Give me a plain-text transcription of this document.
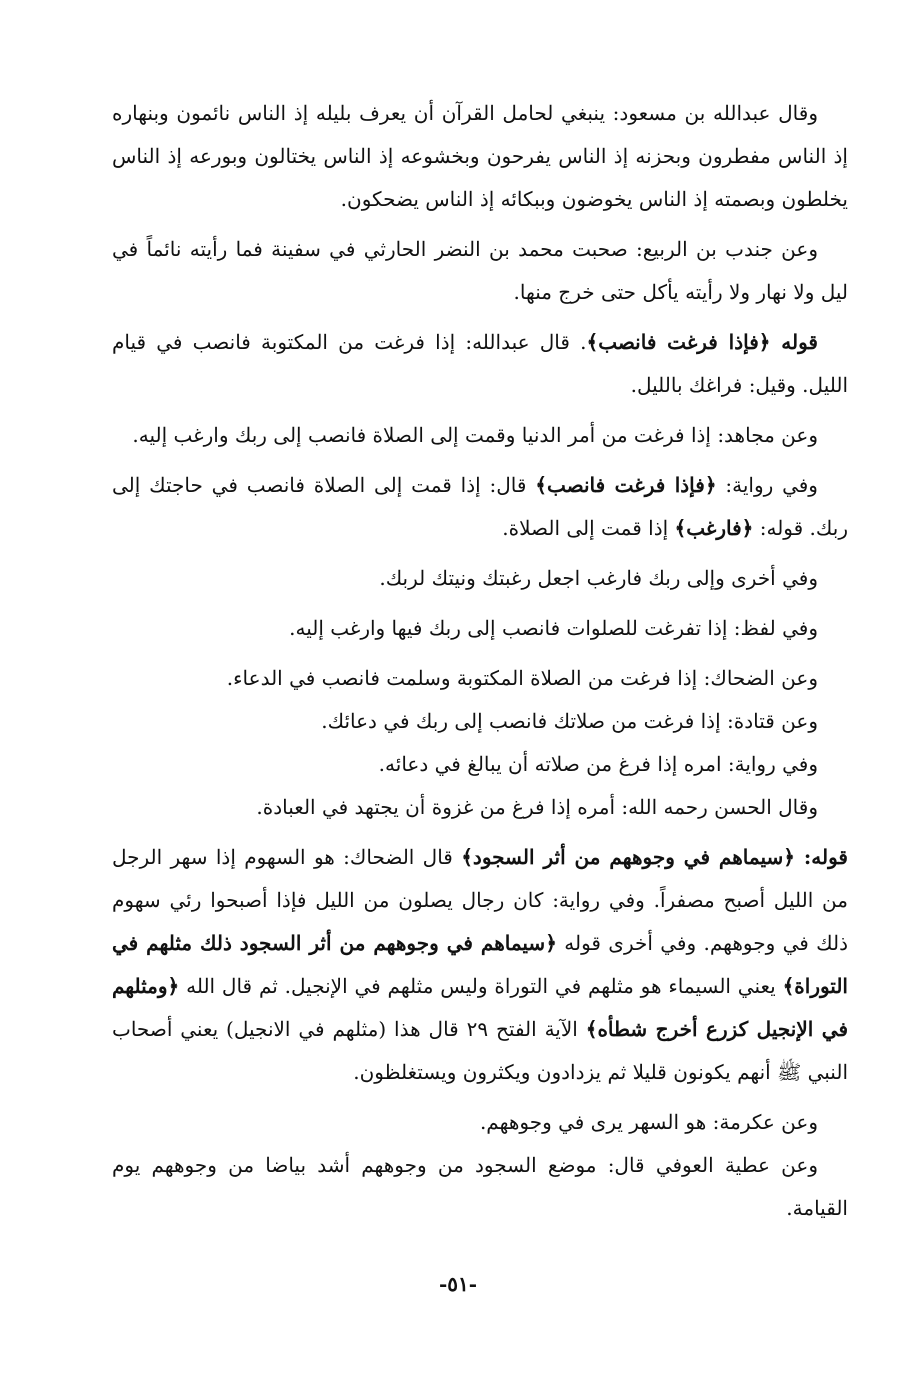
وقال عبدالله بن مسعود: ينبغي لحامل القرآن أن يعرف بليله إذ الناس نائمون وبنهاره إذ الناس مفطرون وبحزنه إذ الناس يفرحون وبخشوعه إذ الناس يختالون وبورعه إذ الناس يخلطون وبصمته إذ الناس يخوضون وببكائه إذ الناس يضحكون.

وعن جندب بن الربيع: صحبت محمد بن النضر الحارثي في سفينة فما رأيته نائماً في ليل ولا نهار ولا رأيته يأكل حتى خرج منها.

قوله ﴿فإذا فرغت فانصب﴾. قال عبدالله: إذا فرغت من المكتوبة فانصب في قيام الليل. وقيل: فراغك بالليل.

وعن مجاهد: إذا فرغت من أمر الدنيا وقمت إلى الصلاة فانصب إلى ربك وارغب إليه.

وفي رواية: ﴿فإذا فرغت فانصب﴾ قال: إذا قمت إلى الصلاة فانصب في حاجتك إلى ربك. قوله: ﴿فارغب﴾ إذا قمت إلى الصلاة.

وفي أخرى وإلى ربك فارغب اجعل رغبتك ونيتك لربك.

وفي لفظ: إذا تفرغت للصلوات فانصب إلى ربك فيها وارغب إليه.

وعن الضحاك: إذا فرغت من الصلاة المكتوبة وسلمت فانصب في الدعاء.

وعن قتادة: إذا فرغت من صلاتك فانصب إلى ربك في دعائك.

وفي رواية: امره إذا فرغ من صلاته أن يبالغ في دعائه.

وقال الحسن رحمه الله: أمره إذا فرغ من غزوة أن يجتهد في العبادة.

قوله: ﴿سيماهم في وجوههم من أثر السجود﴾ قال الضحاك: هو السهوم إذا سهر الرجل من الليل أصبح مصفراً. وفي رواية: كان رجال يصلون من الليل فإذا أصبحوا رئي سهوم ذلك في وجوههم. وفي أخرى قوله ﴿سيماهم في وجوههم من أثر السجود ذلك مثلهم في التوراة﴾ يعني السيماء هو مثلهم في التوراة وليس مثلهم في الإنجيل. ثم قال الله ﴿ومثلهم في الإنجيل كزرع أخرج شطأه﴾ الآية الفتح ٢٩ قال هذا (مثلهم في الانجيل) يعني أصحاب النبي ﷺ أنهم يكونون قليلا ثم يزدادون ويكثرون ويستغلظون.

وعن عكرمة: هو السهر يرى في وجوههم.

وعن عطية العوفي قال: موضع السجود من وجوههم أشد بياضا من وجوههم يوم القيامة.

-٥١-
